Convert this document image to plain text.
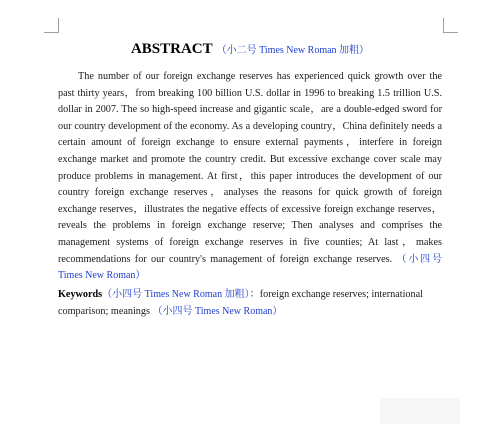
ABSTRACT （小二号 Times New Roman 加粗）

The number of our foreign exchange reserves has experienced quick growth over the past thirty years，from breaking 100 billion U.S. dollar in 1996 to breaking 1.5 trillion U.S. dollar in 2007. The so high-speed increase and gigantic scale，are a double-edged sword for our country development of the economy. As a developing country，China definitely needs a certain amount of foreign exchange to ensure external payments，interfere in foreign exchange market and promote the country credit. But excessive exchange cover scale may produce problems in management. At first，this paper introduces the development of our country foreign exchange reserves，analyses the reasons for quick growth of foreign exchange reserves，illustrates the negative effects of excessive foreign exchange reserves，reveals the problems in foreign exchange reserve; Then analyses and comprises the management systems of foreign exchange reserves in five counties; At last，makes recommendations for our country's management of foreign exchange reserves. （小四号 Times New Roman）

Keywords（小四号 Times New Roman 加粗）：foreign exchange reserves; international comparison; meanings （小四号 Times New Roman）
